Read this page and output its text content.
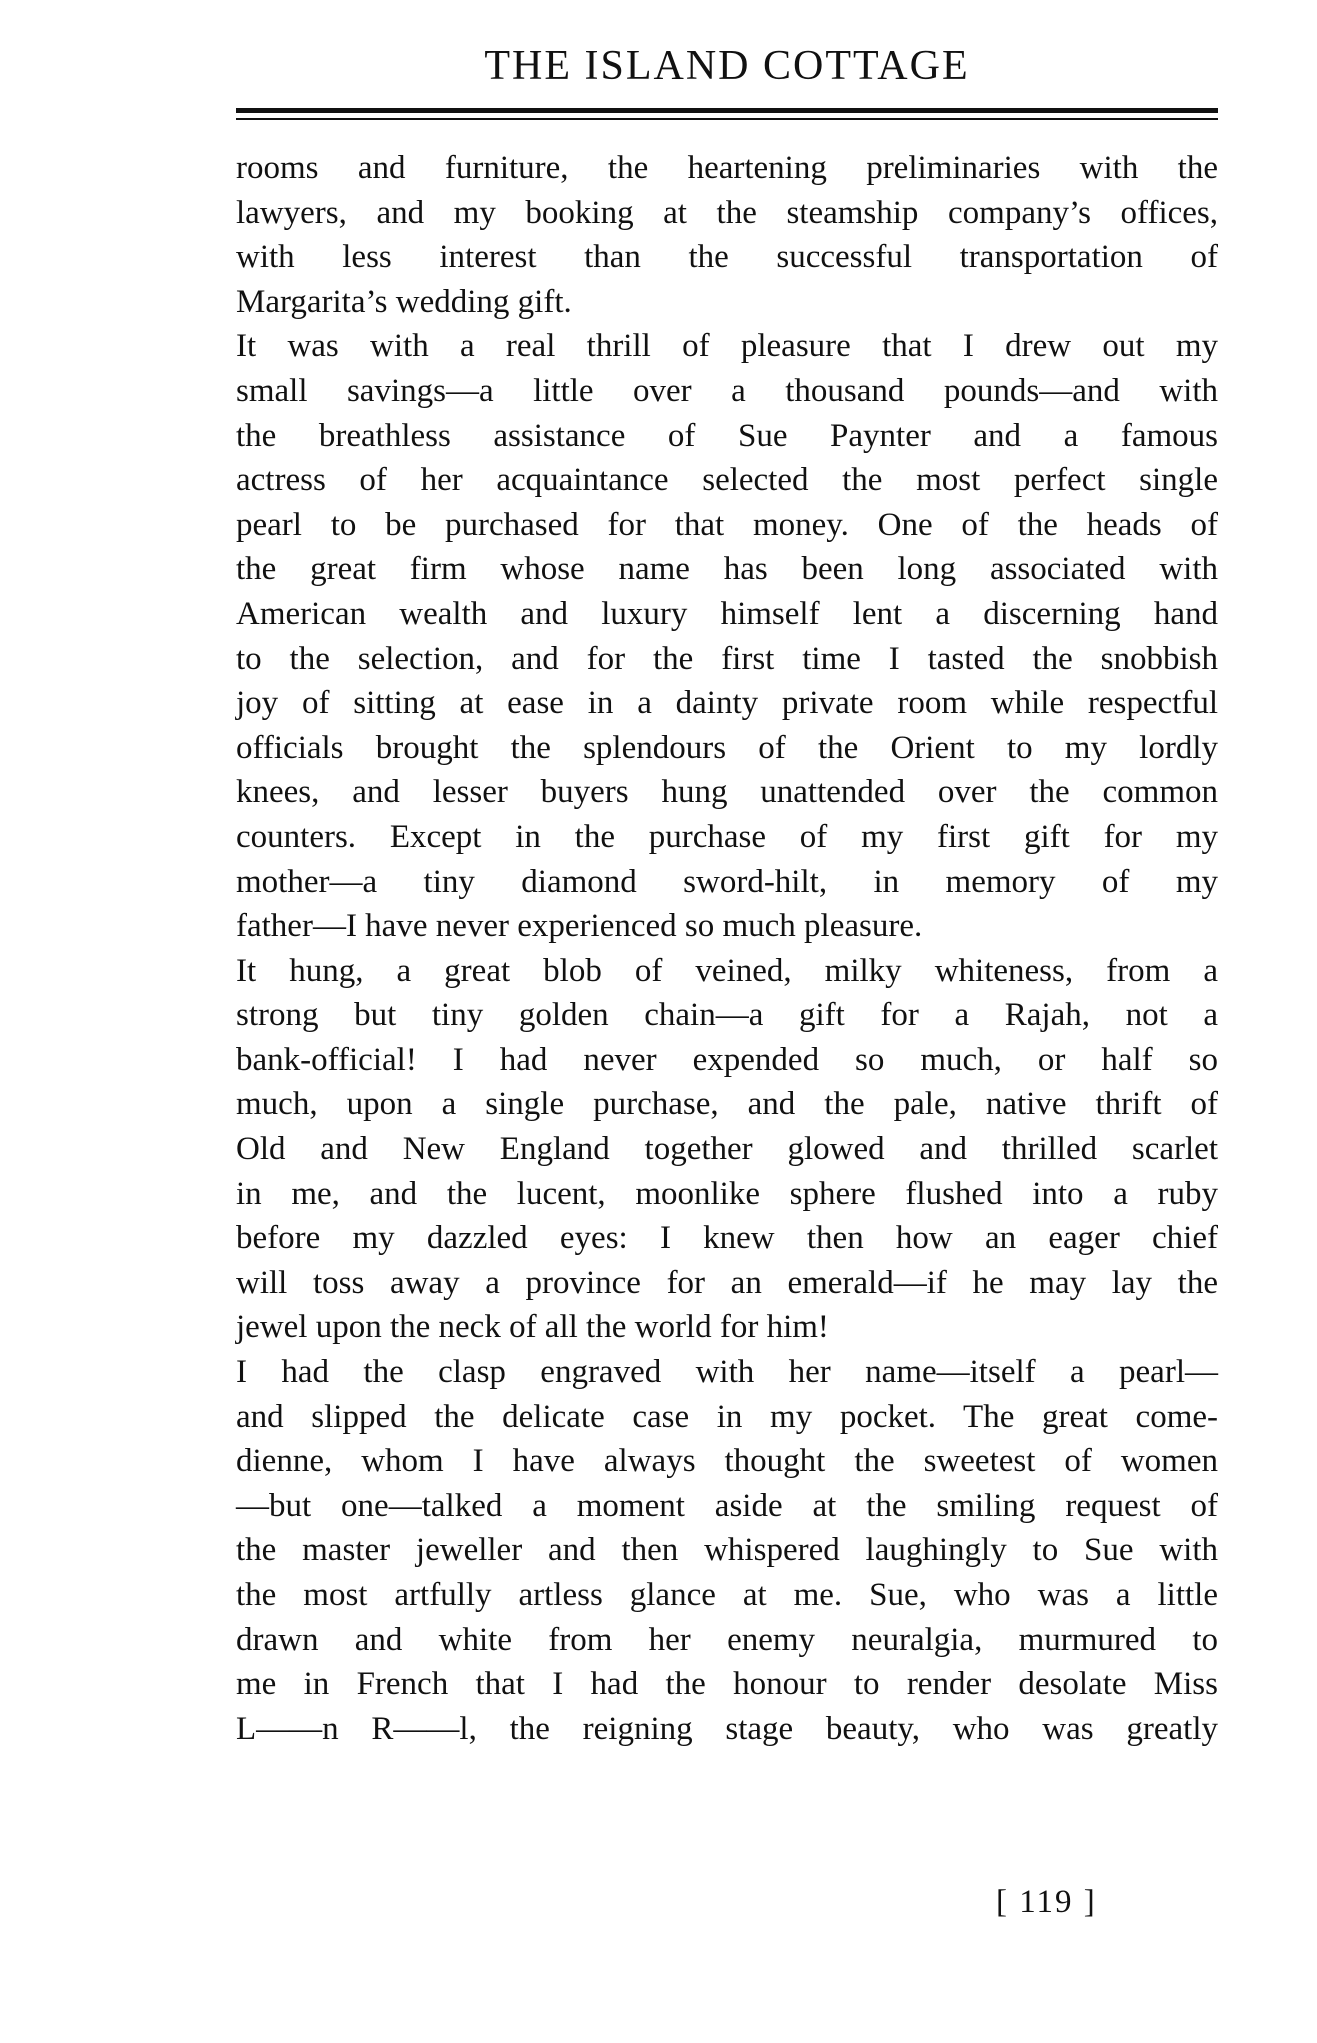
THE ISLAND COTTAGE
rooms and furniture, the heartening preliminaries with the
lawyers, and my booking at the steamship company’s offices,
with less interest than the successful transportation of
Margarita’s wedding gift.
It was with a real thrill of pleasure that I drew out my
small savings—a little over a thousand pounds—and with
the breathless assistance of Sue Paynter and a famous
actress of her acquaintance selected the most perfect single
pearl to be purchased for that money. One of the heads of
the great firm whose name has been long associated with
American wealth and luxury himself lent a discerning hand
to the selection, and for the first time I tasted the snobbish
joy of sitting at ease in a dainty private room while respectful
officials brought the splendours of the Orient to my lordly
knees, and lesser buyers hung unattended over the common
counters. Except in the purchase of my first gift for my
mother—a tiny diamond sword-hilt, in memory of my
father—I have never experienced so much pleasure.
It hung, a great blob of veined, milky whiteness, from a
strong but tiny golden chain—a gift for a Rajah, not a
bank-official! I had never expended so much, or half so
much, upon a single purchase, and the pale, native thrift of
Old and New England together glowed and thrilled scarlet
in me, and the lucent, moonlike sphere flushed into a ruby
before my dazzled eyes: I knew then how an eager chief
will toss away a province for an emerald—if he may lay the
jewel upon the neck of all the world for him!
I had the clasp engraved with her name—itself a pearl—
and slipped the delicate case in my pocket. The great come-
dienne, whom I have always thought the sweetest of women
—but one—talked a moment aside at the smiling request of
the master jeweller and then whispered laughingly to Sue with
the most artfully artless glance at me. Sue, who was a little
drawn and white from her enemy neuralgia, murmured to
me in French that I had the honour to render desolate Miss
L——n R——l, the reigning stage beauty, who was greatly
[ 119 ]
